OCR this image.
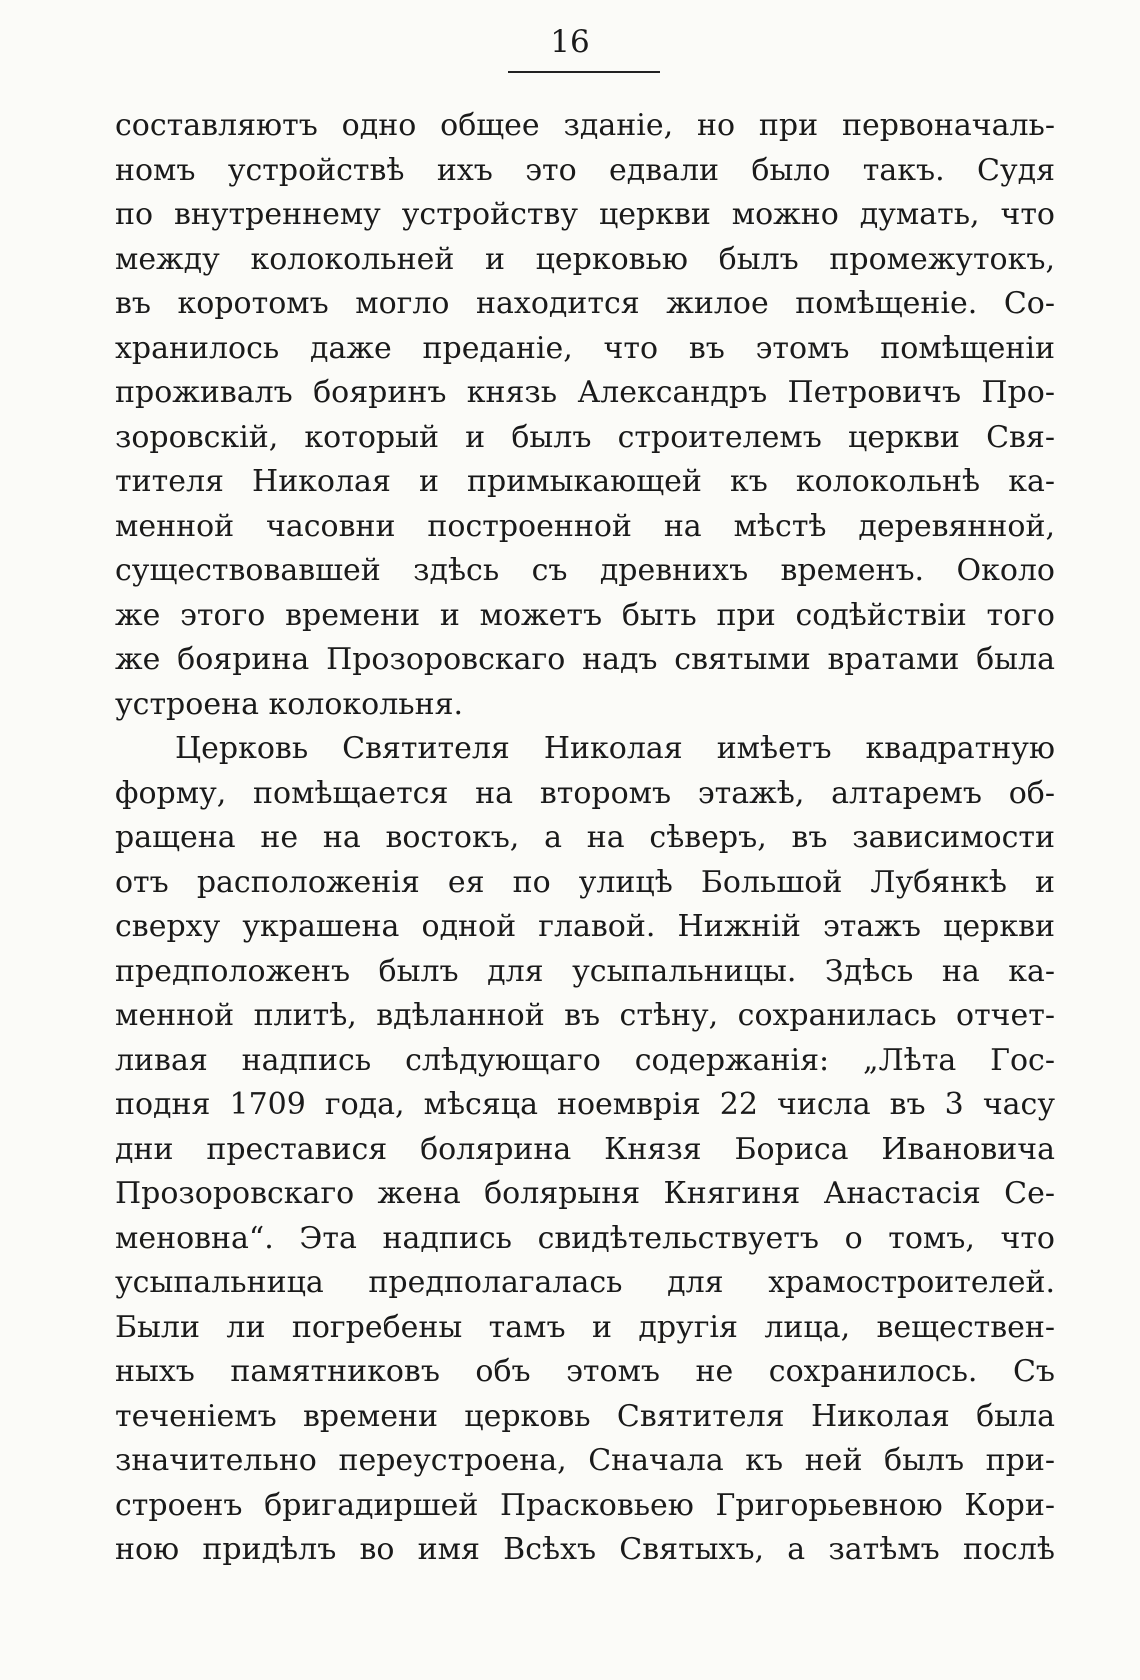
16
составляютъ одно общее зданіе, но при первоначаль-
номъ устройствѣ ихъ это едвали было такъ. Судя
по внутреннему устройству церкви можно думать, что
между колокольней и церковью былъ промежутокъ,
въ коротомъ могло находится жилое помѣщеніе. Со-
хранилось даже преданіе, что въ этомъ помѣщеніи
проживалъ бояринъ князь Александръ Петровичъ Про-
зоровскій, который и былъ строителемъ церкви Свя-
тителя Николая и примыкающей къ колокольнѣ ка-
менной часовни построенной на мѣстѣ деревянной,
существовавшей здѣсь съ древнихъ временъ. Около
же этого времени и можетъ быть при содѣйствіи того
же боярина Прозоровскаго надъ святыми вратами была
устроена колокольня.
Церковь Святителя Николая имѣетъ квадратную
форму, помѣщается на второмъ этажѣ, алтаремъ об-
ращена не на востокъ, а на сѣверъ, въ зависимости
отъ расположенія ея по улицѣ Большой Лубянкѣ и
сверху украшена одной главой. Нижній этажъ церкви
предположенъ былъ для усыпальницы. Здѣсь на ка-
менной плитѣ, вдѣланной въ стѣну, сохранилась отчет-
ливая надпись слѣдующаго содержанія: „Лѣта Гос-
подня 1709 года, мѣсяца ноемврія 22 числа въ 3 часу
дни преставися болярина Князя Бориса Ивановича
Прозоровскаго жена болярыня Княгиня Анастасія Се-
меновна“. Эта надпись свидѣтельствуетъ о томъ, что
усыпальница предполагалась для храмостроителей.
Были ли погребены тамъ и другія лица, веществен-
ныхъ памятниковъ объ этомъ не сохранилось. Съ
теченіемъ времени церковь Святителя Николая была
значительно переустроена, Сначала къ ней былъ при-
строенъ бригадиршей Прасковьею Григорьевною Кори-
ною придѣлъ во имя Всѣхъ Святыхъ, а затѣмъ послѣ
